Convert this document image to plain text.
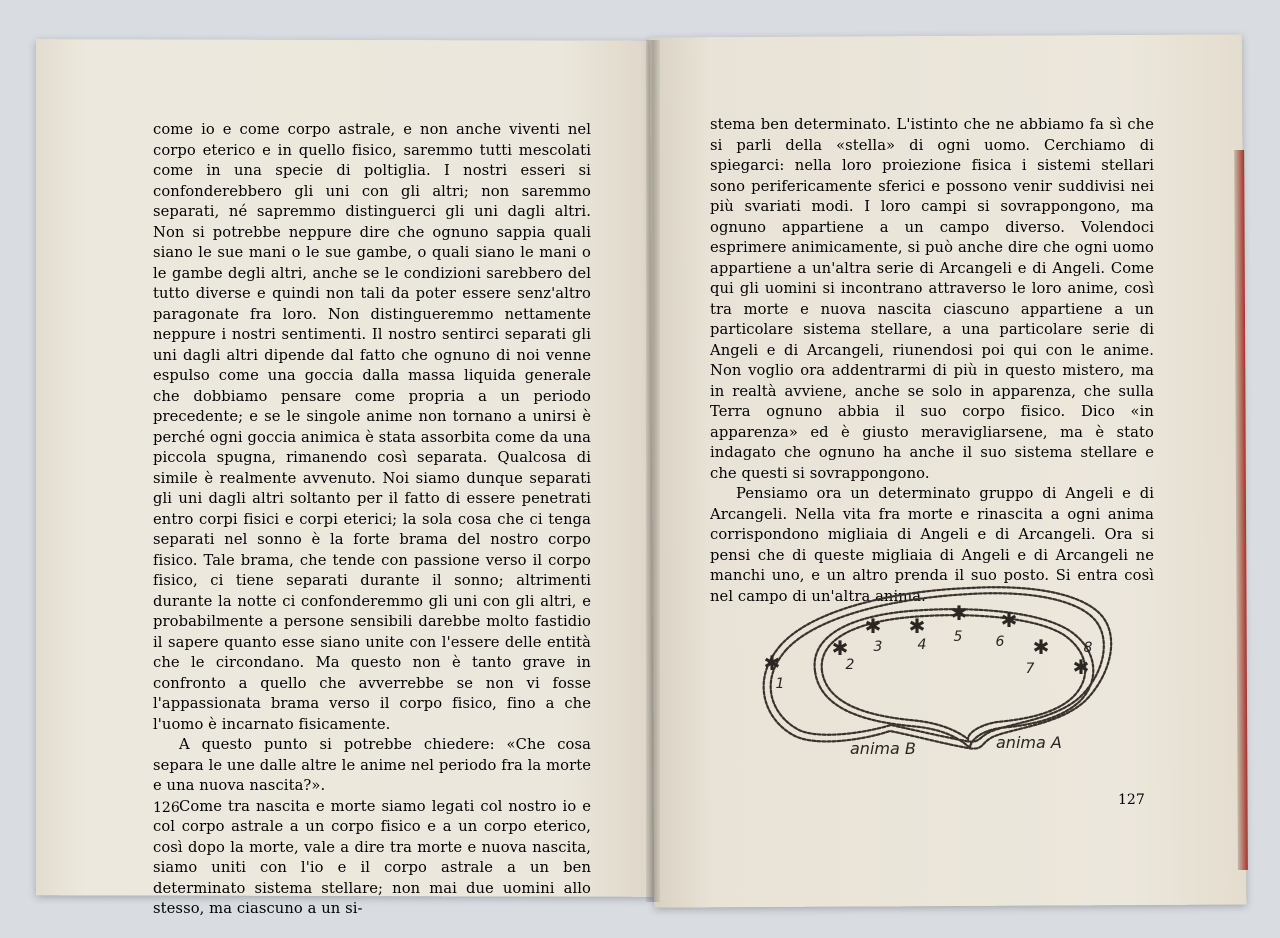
come io e come corpo astrale, e non anche viventi nel corpo eterico e in quello fisico, saremmo tutti mescolati come in una specie di poltiglia. I nostri esseri si confonderebbero gli uni con gli altri; non saremmo separati, né sapremmo distinguerci gli uni dagli altri. Non si potrebbe neppure dire che ognuno sappia quali siano le sue mani o le sue gambe, o quali siano le mani o le gambe degli altri, anche se le condizioni sarebbero del tutto diverse e quindi non tali da poter essere senz'altro paragonate fra loro. Non distingueremmo nettamente neppure i nostri sentimenti. Il nostro sentirci separati gli uni dagli altri dipende dal fatto che ognuno di noi venne espulso come una goccia dalla massa liquida generale che dobbiamo pensare come propria a un periodo precedente; e se le singole anime non tornano a unirsi è perché ogni goccia animica è stata assorbita come da una piccola spugna, rimanendo così separata. Qualcosa di simile è realmente avvenuto. Noi siamo dunque separati gli uni dagli altri soltanto per il fatto di essere penetrati entro corpi fisici e corpi eterici; la sola cosa che ci tenga separati nel sonno è la forte brama del nostro corpo fisico. Tale brama, che tende con passione verso il corpo fisico, ci tiene separati durante il sonno; altrimenti durante la notte ci confonderemmo gli uni con gli altri, e probabilmente a persone sensibili darebbe molto fastidio il sapere quanto esse siano unite con l'essere delle entità che le circondano. Ma questo non è tanto grave in confronto a quello che avverrebbe se non vi fosse l'appassionata brama verso il corpo fisico, fino a che l'uomo è incarnato fisicamente.

A questo punto si potrebbe chiedere: «Che cosa separa le une dalle altre le anime nel periodo fra la morte e una nuova nascita?».

Come tra nascita e morte siamo legati col nostro io e col corpo astrale a un corpo fisico e a un corpo eterico, così dopo la morte, vale a dire tra morte e nuova nascita, siamo uniti con l'io e il corpo astrale a un ben determinato sistema stellare; non mai due uomini allo stesso, ma ciascuno a un si-

126

stema ben determinato. L'istinto che ne abbiamo fa sì che si parli della «stella» di ogni uomo. Cerchiamo di spiegarci: nella loro proiezione fisica i sistemi stellari sono perifericamente sferici e possono venir suddivisi nei più svariati modi. I loro campi si sovrappongono, ma ognuno appartiene a un campo diverso. Volendoci esprimere animicamente, si può anche dire che ogni uomo appartiene a un'altra serie di Arcangeli e di Angeli. Come qui gli uomini si incontrano attraverso le loro anime, così tra morte e nuova nascita ciascuno appartiene a un particolare sistema stellare, a una particolare serie di Angeli e di Arcangeli, riunendosi poi qui con le anime. Non voglio ora addentrarmi di più in questo mistero, ma in realtà avviene, anche se solo in apparenza, che sulla Terra ognuno abbia il suo corpo fisico. Dico «in apparenza» ed è giusto meravigliarsene, ma è stato indagato che ognuno ha anche il suo sistema stellare e che questi si sovrappongono.

Pensiamo ora un determinato gruppo di Angeli e di Arcangeli. Nella vita fra morte e rinascita a ogni anima corrispondono migliaia di Angeli e di Arcangeli. Ora si pensi che di queste migliaia di Angeli e di Arcangeli ne manchi uno, e un altro prenda il suo posto. Si entra così nel campo di un'altra anima.

127
✱
✱
✱ ✱
✱ ✱
✱
✱
1
2
3	4 5 6
7
8
anima B	anima A
